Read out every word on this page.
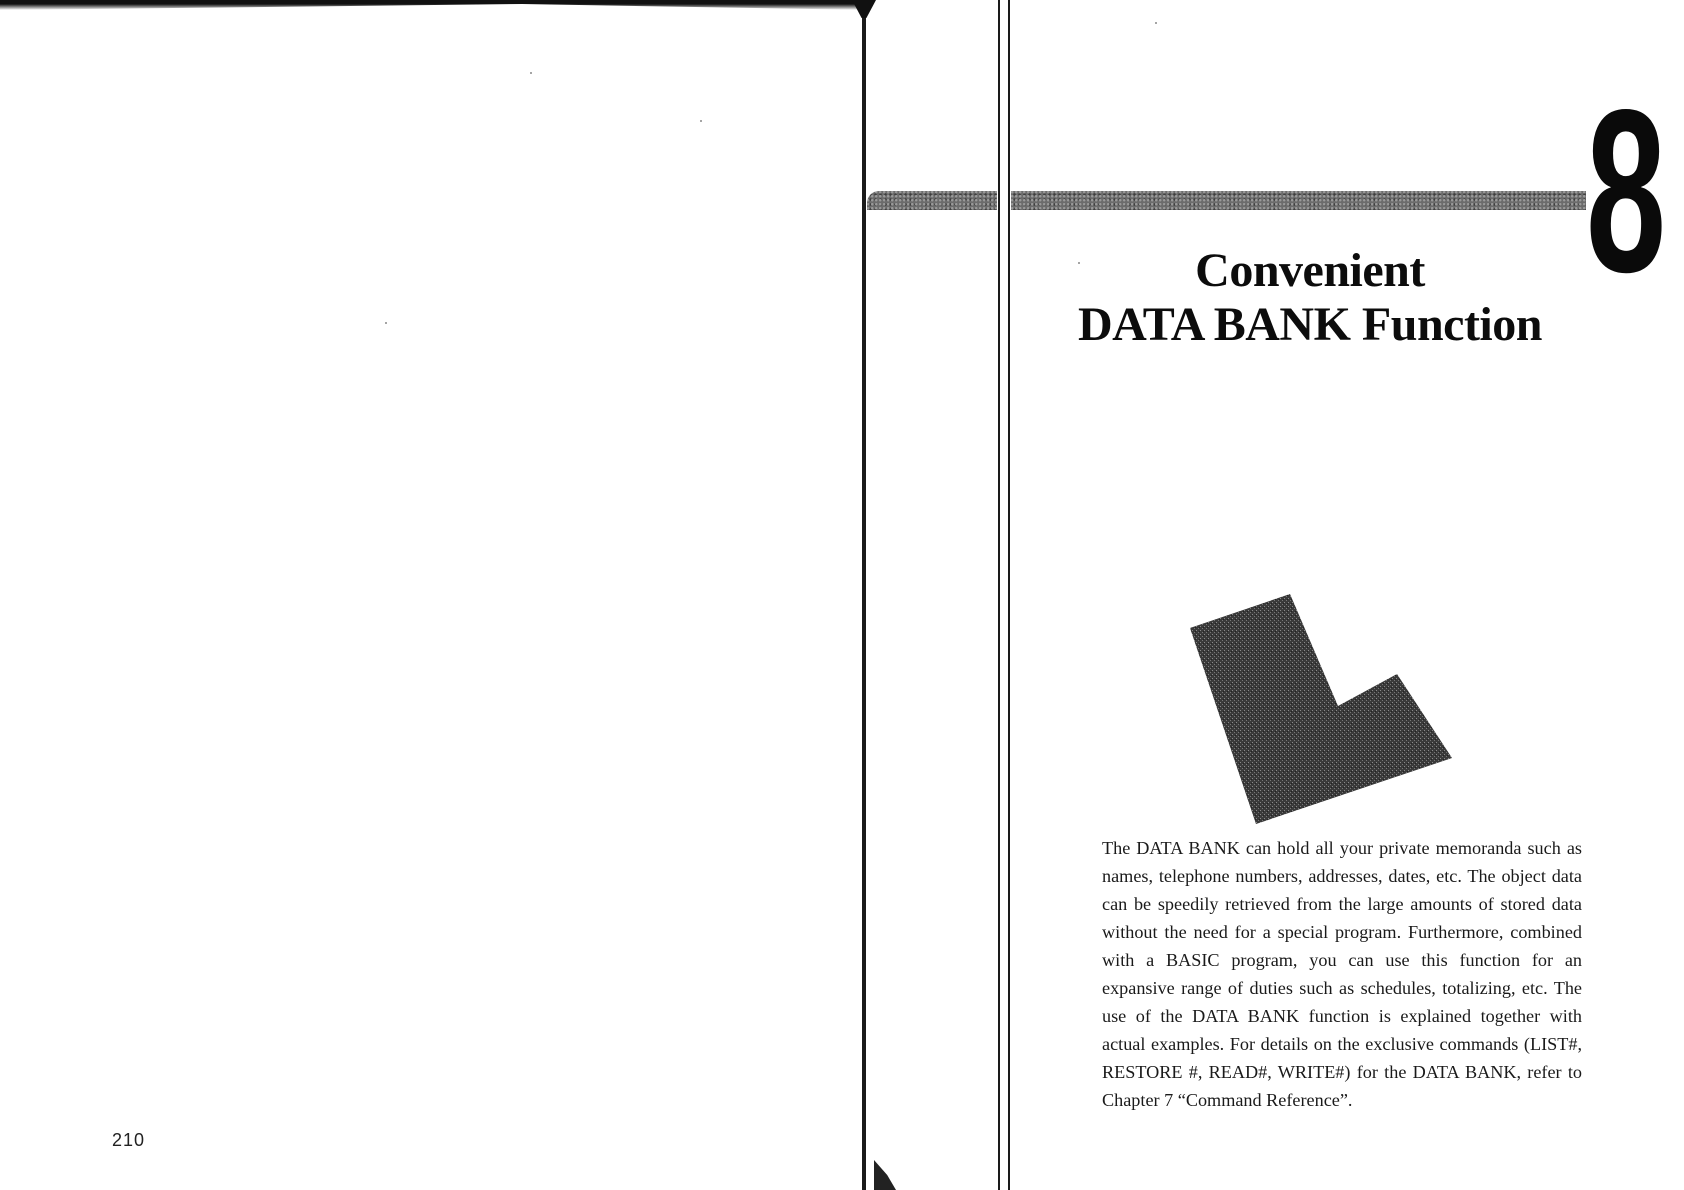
210
8
Convenient
DATA BANK Function
The DATA BANK can hold all your private memoranda such as names, telephone numbers, addresses, dates, etc. The object data can be speedily retrieved from the large amounts of stored data without the need for a special program. Furthermore, combined with a BASIC program, you can use this function for an expansive range of duties such as schedules, totalizing, etc. The use of the DATA BANK function is explained together with actual examples. For details on the exclusive commands (LIST#, RESTORE #, READ#, WRITE#) for the DATA BANK, refer to Chapter 7 “Command Reference”.
